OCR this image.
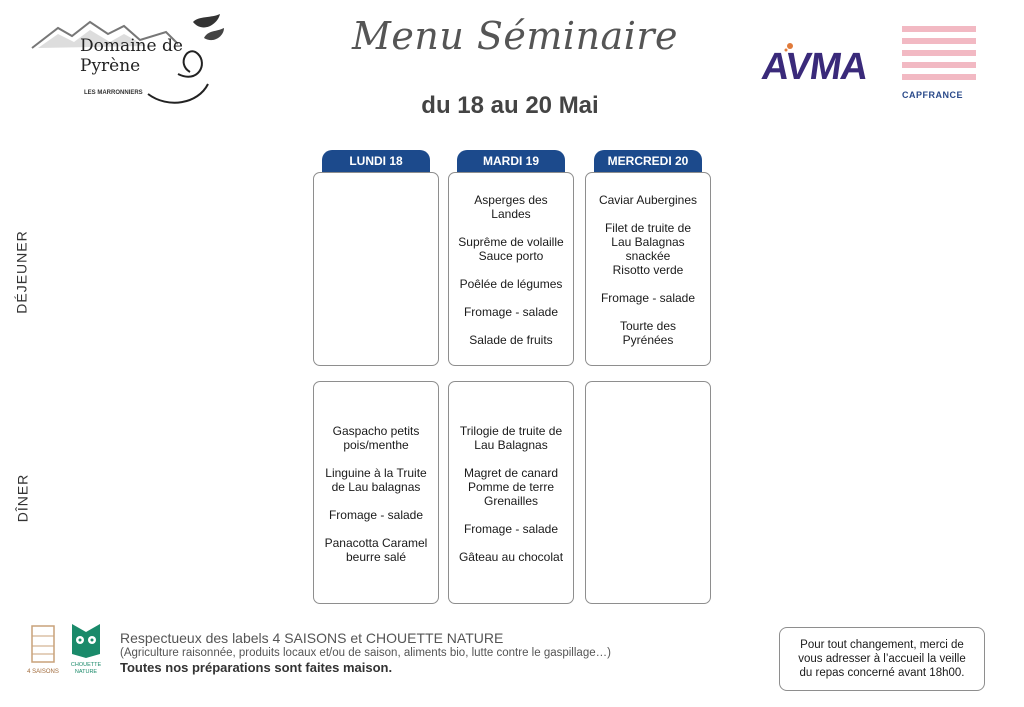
Domaine de Pyrène
LES MARRONNIERS
Menu Séminaire
du 18 au 20 Mai
AVMA
CAPFRANCE
DÉJEUNER
DÎNER
LUNDI 18	MARDI 19	MERCREDI 20
Asperges des
Landes
Suprême de volaille
Sauce porto
Poêlée de légumes
Fromage - salade
Salade de fruits
Caviar Aubergines
Filet de truite de
Lau Balagnas
snackée
Risotto verde
Fromage - salade
Tourte des
Pyrénées
Gaspacho petits
pois/menthe
Linguine à la Truite
de Lau balagnas
Fromage - salade
Panacotta Caramel
beurre salé
Trilogie de truite de
Lau Balagnas
Magret de canard
Pomme de terre
Grenailles
Fromage - salade
Gâteau au chocolat
4 SAISONS
CHOUETTE NATURE
Respectueux des labels 4 SAISONS et CHOUETTE NATURE
(Agriculture raisonnée, produits locaux et/ou de saison, aliments bio, lutte contre le gaspillage…)
Toutes nos préparations sont faites maison.
Pour tout changement, merci de
vous adresser à l’accueil la veille
du repas concerné avant 18h00.
